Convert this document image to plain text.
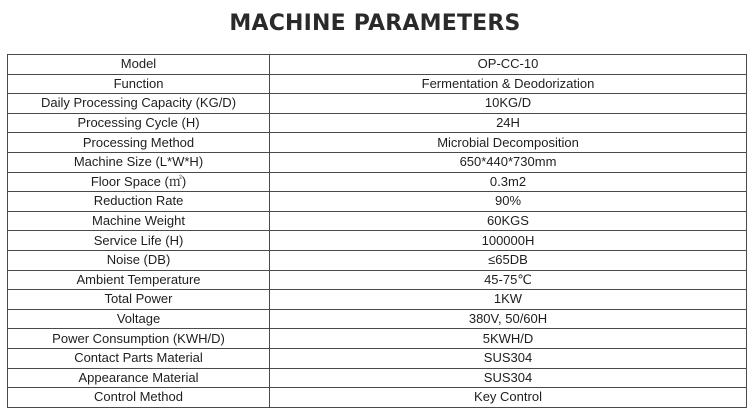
MACHINE PARAMETERS
Model	OP-CC-10
Function	Fermentation & Deodorization
Daily Processing Capacity (KG/D)	10KG/D
Processing Cycle (H)	24H
Processing Method	Microbial Decomposition
Machine Size (L*W*H)	650*440*730mm
Floor Space (㎡)	0.3m2
Reduction Rate	90%
Machine Weight	60KGS
Service Life (H)	100000H
Noise (DB)	≤65DB
Ambient Temperature	45-75℃
Total Power	1KW
Voltage	380V, 50/60H
Power Consumption (KWH/D)	5KWH/D
Contact Parts Material	SUS304
Appearance Material	SUS304
Control Method	Key Control
